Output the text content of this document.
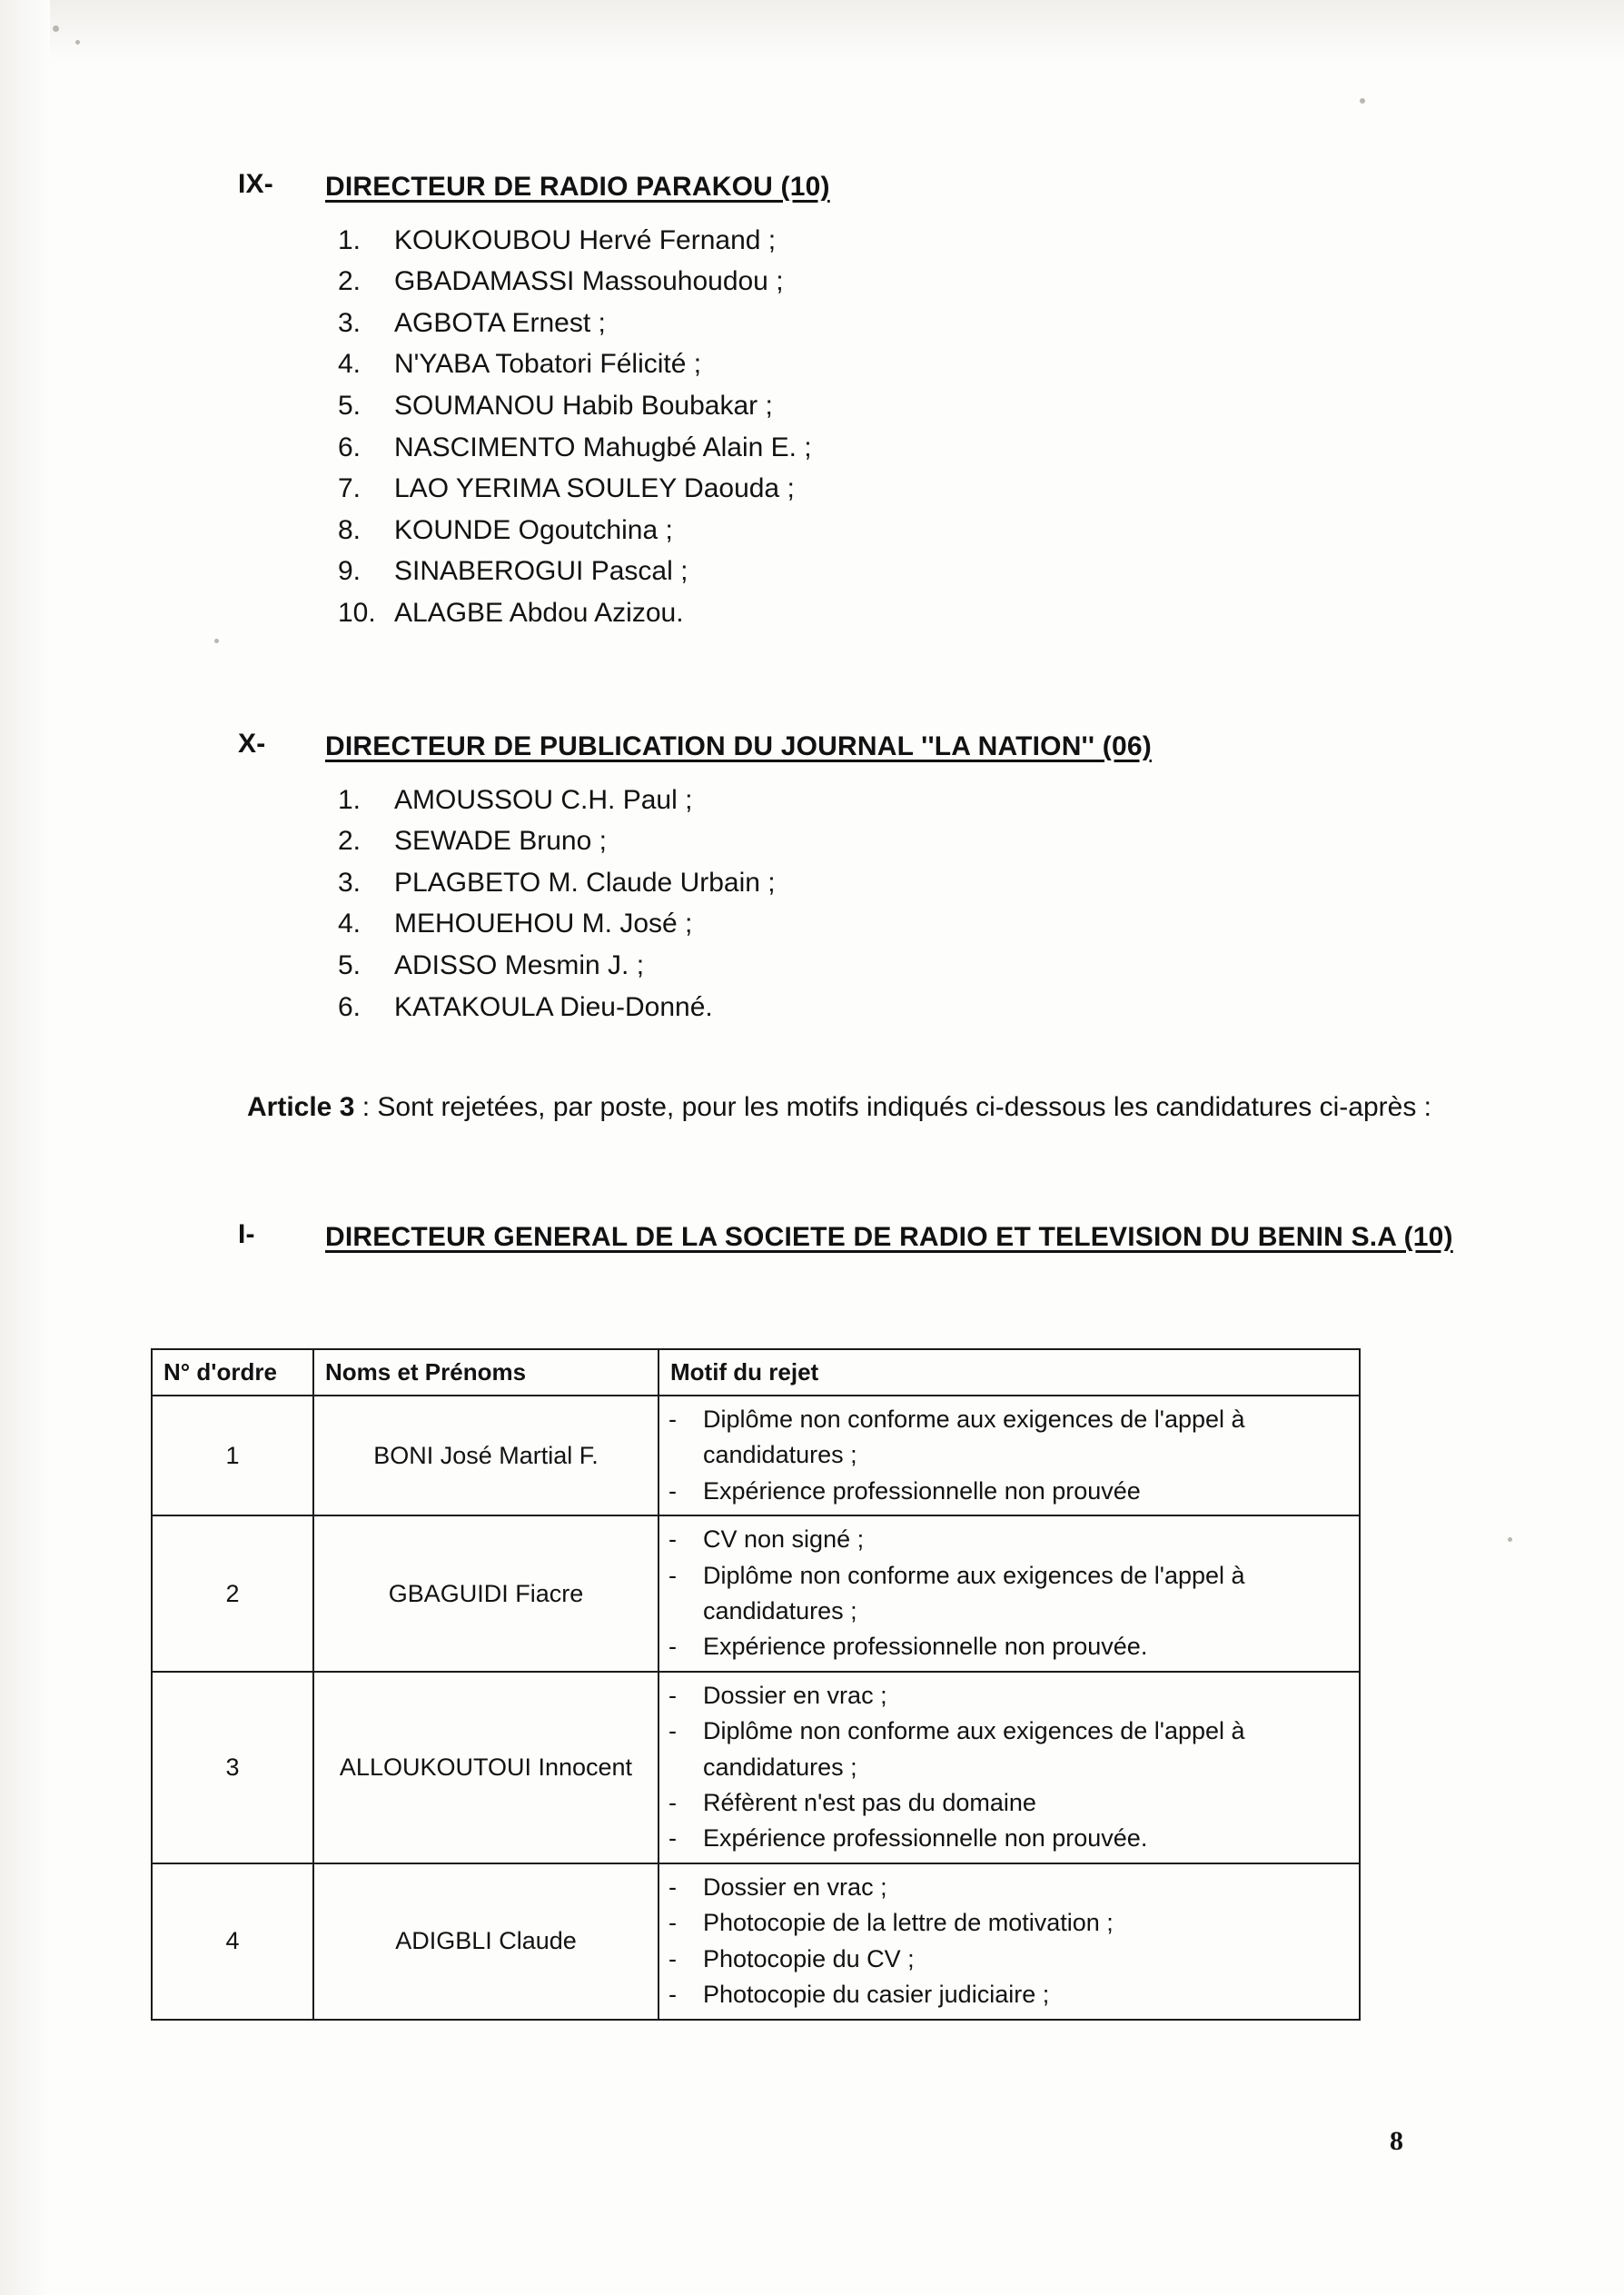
IX-	DIRECTEUR DE RADIO PARAKOU (10)
1.	KOUKOUBOU Hervé Fernand ;
2.	GBADAMASSI Massouhoudou ;
3.	AGBOTA Ernest ;
4.	N'YABA Tobatori Félicité ;
5.	SOUMANOU Habib Boubakar ;
6.	NASCIMENTO Mahugbé Alain E. ;
7.	LAO YERIMA SOULEY Daouda ;
8.	KOUNDE Ogoutchina ;
9.	SINABEROGUI Pascal ;
10. ALAGBE Abdou Azizou.
X-	DIRECTEUR DE PUBLICATION DU JOURNAL ''LA NATION'' (06)
1.	AMOUSSOU C.H. Paul ;
2.	SEWADE Bruno ;
3.	PLAGBETO M. Claude Urbain ;
4.	MEHOUEHOU M. José ;
5.	ADISSO Mesmin J. ;
6.	KATAKOULA Dieu-Donné.

Article 3 : Sont rejetées, par poste, pour les motifs indiqués ci-dessous les candidatures ci-après :

I-	DIRECTEUR GENERAL DE LA SOCIETE DE RADIO ET TELEVISION DU BENIN S.A (10)
N° d'ordre	Noms et Prénoms	Motif du rejet
1	BONI José Martial F.	
-	Diplôme non conforme aux exigences de l'appel à candidatures ;
-	Expérience professionnelle non prouvée

2	GBAGUIDI Fiacre	
-	CV non signé ;
-	Diplôme non conforme aux exigences de l'appel à candidatures ;
-	Expérience professionnelle non prouvée.

3	ALLOUKOUTOUI Innocent	
-	Dossier en vrac ;
-	Diplôme non conforme aux exigences de l'appel à candidatures ;
-	Réfèrent n'est pas du domaine
-	Expérience professionnelle non prouvée.

4	ADIGBLI Claude	
-	Dossier en vrac ;
-	Photocopie de la lettre de motivation ;
-	Photocopie du CV ;
-	Photocopie du casier judiciaire ;
8
